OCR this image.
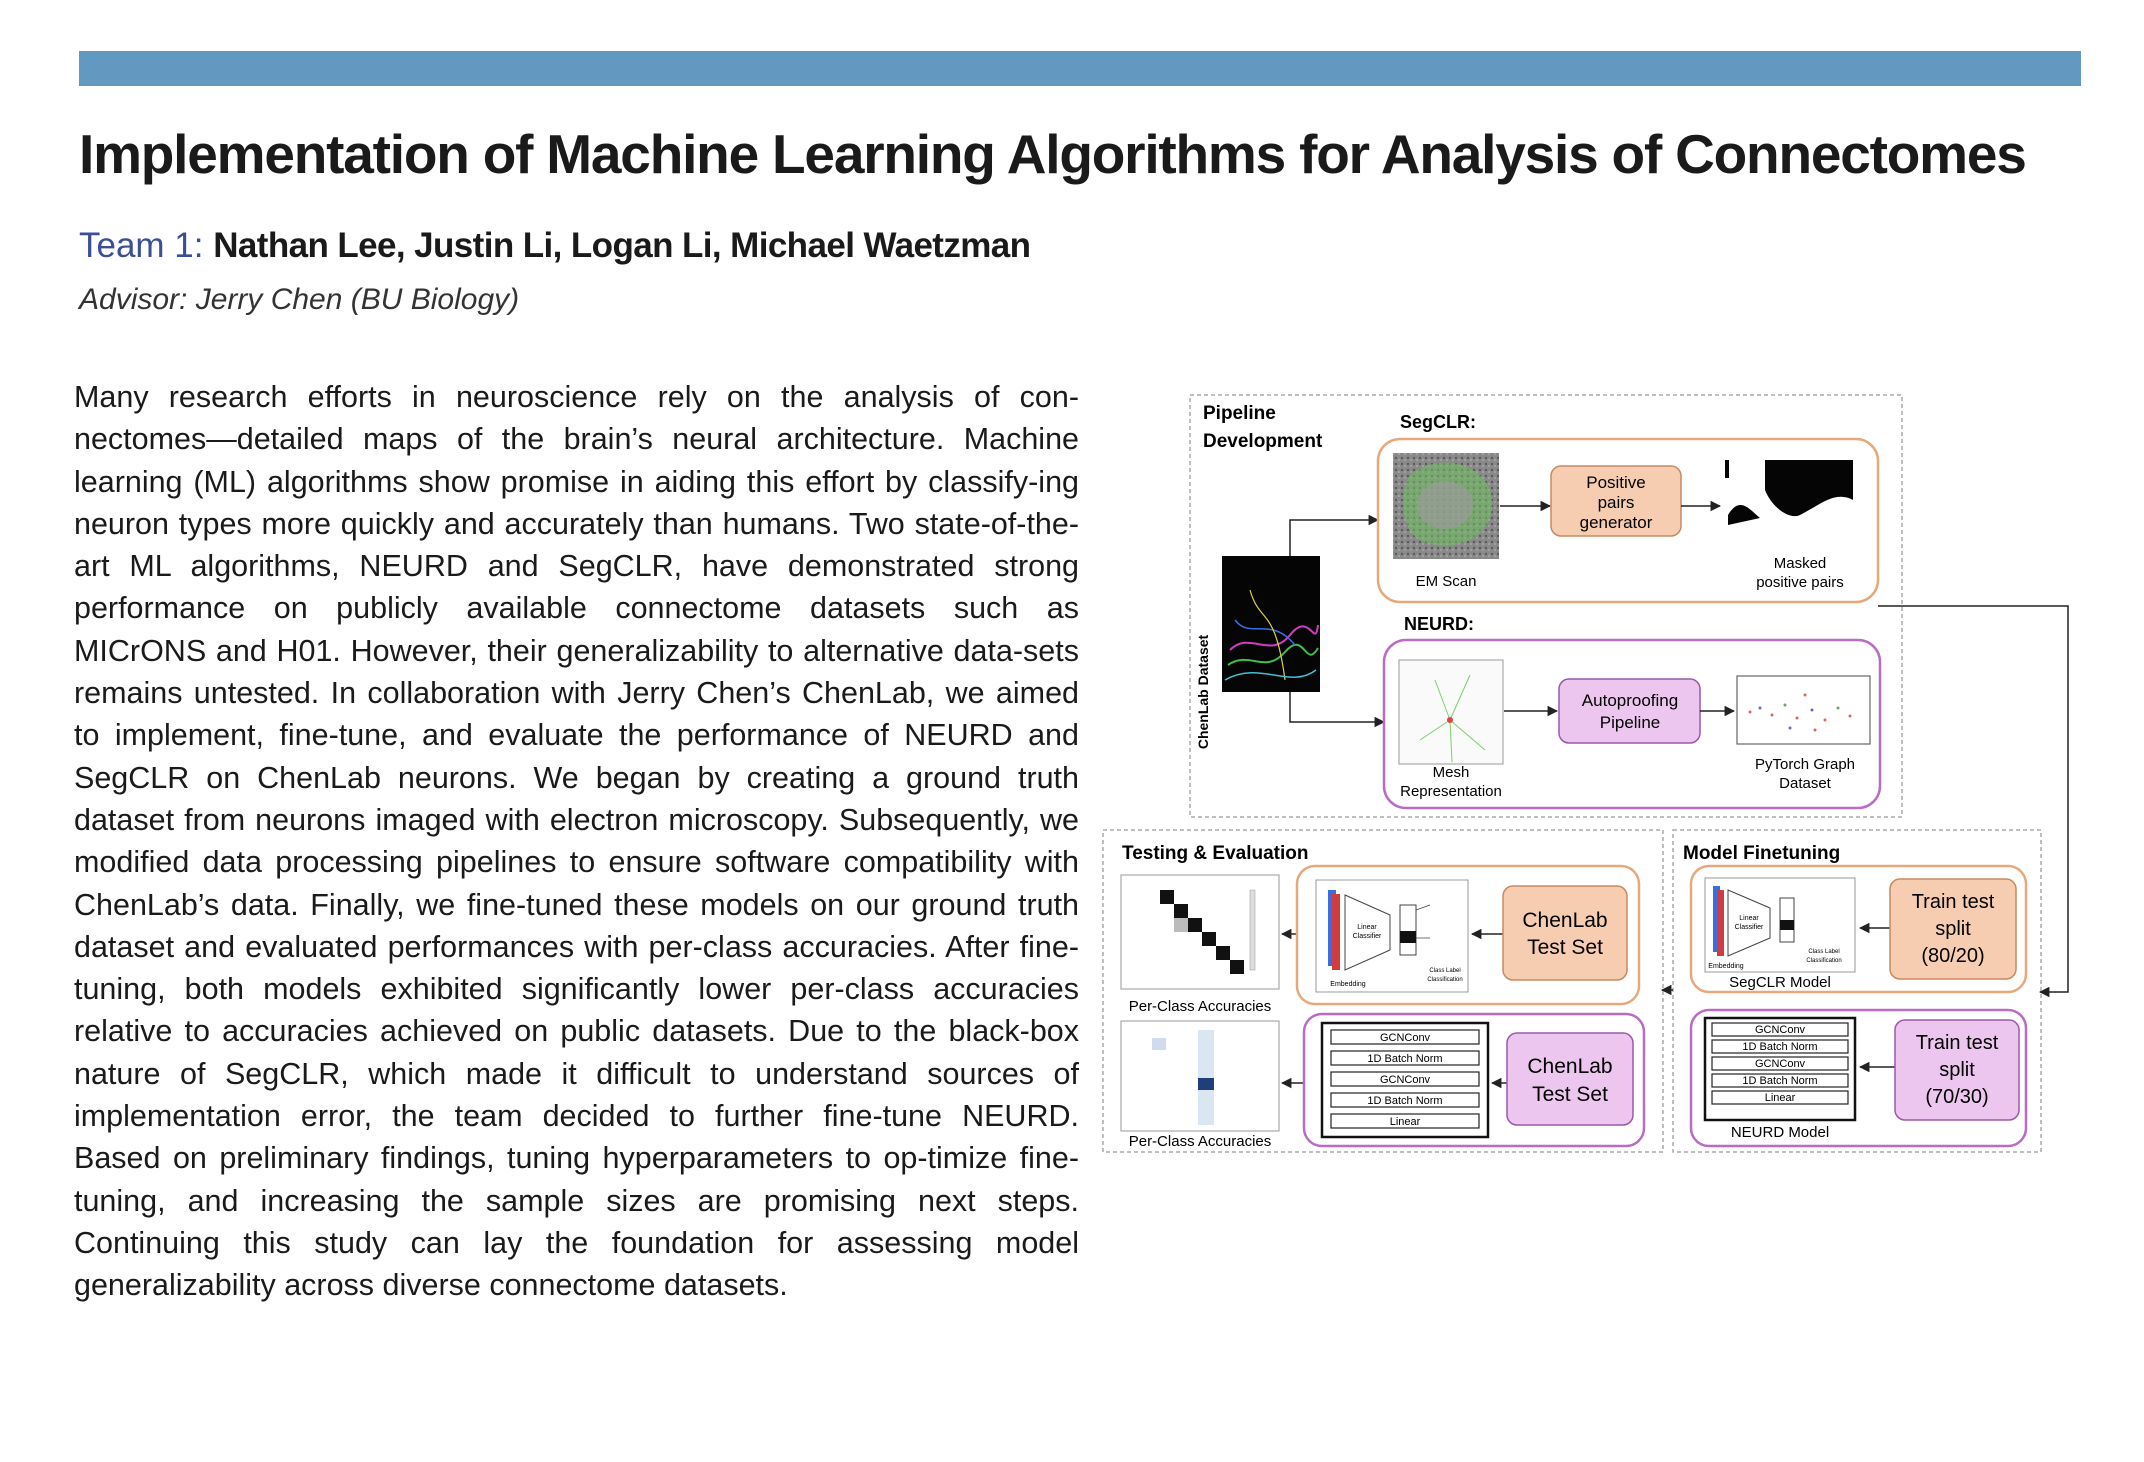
Implementation of Machine Learning Algorithms for Analysis of Connectomes
Team 1: Nathan Lee, Justin Li, Logan Li, Michael Waetzman
Advisor: Jerry Chen (BU Biology)

Many research efforts in neuroscience rely on the analysis of con-nectomes—detailed maps of the brain’s neural architecture. Machine learning (ML) algorithms show promise in aiding this effort by classify-ing neuron types more quickly and accurately than humans. Two state-of-the-art ML algorithms, NEURD and SegCLR, have demonstrated strong performance on publicly available connectome datasets such as MICrONS and H01. However, their generalizability to alternative data-sets remains untested. In collaboration with Jerry Chen’s ChenLab, we aimed to implement, fine-tune, and evaluate the performance of NEURD and SegCLR on ChenLab neurons. We began by creating a ground truth dataset from neurons imaged with electron microscopy. Subsequently, we modified data processing pipelines to ensure software compatibility with ChenLab’s data. Finally, we fine-tuned these models on our ground truth dataset and evaluated performances with per-class accuracies. After fine-tuning, both models exhibited significantly lower per-class accuracies relative to accuracies achieved on public datasets. Due to the black-box nature of SegCLR, which made it difficult to understand sources of implementation error, the team decided to further fine-tune NEURD. Based on preliminary findings, tuning hyperparameters to op-timize fine-tuning, and increasing the sample sizes are promising next steps. Continuing this study can lay the foundation for assessing model generalizability across diverse connectome datasets.

Pipeline
Development
ChenLab Dataset
SegCLR:
EM Scan
Positive
pairs
generator
Masked
positive pairs
NEURD:
Mesh
Representation
Autoproofing
Pipeline
PyTorch Graph
Dataset
Testing & Evaluation
Per-Class Accuracies
Linear
Classifier
Embedding
Class Label
Classification
ChenLab
Test Set
Per-Class Accuracies
GCNConv
1D Batch Norm
GCNConv
1D Batch Norm
Linear
ChenLab
Test Set
Model Finetuning
Linear
Classifier
Embedding
Class Label
Classification
SegCLR Model
Train test
split
(80/20)
GCNConv
1D Batch Norm
GCNConv
1D Batch Norm
Linear
NEURD Model
Train test
split
(70/30)
